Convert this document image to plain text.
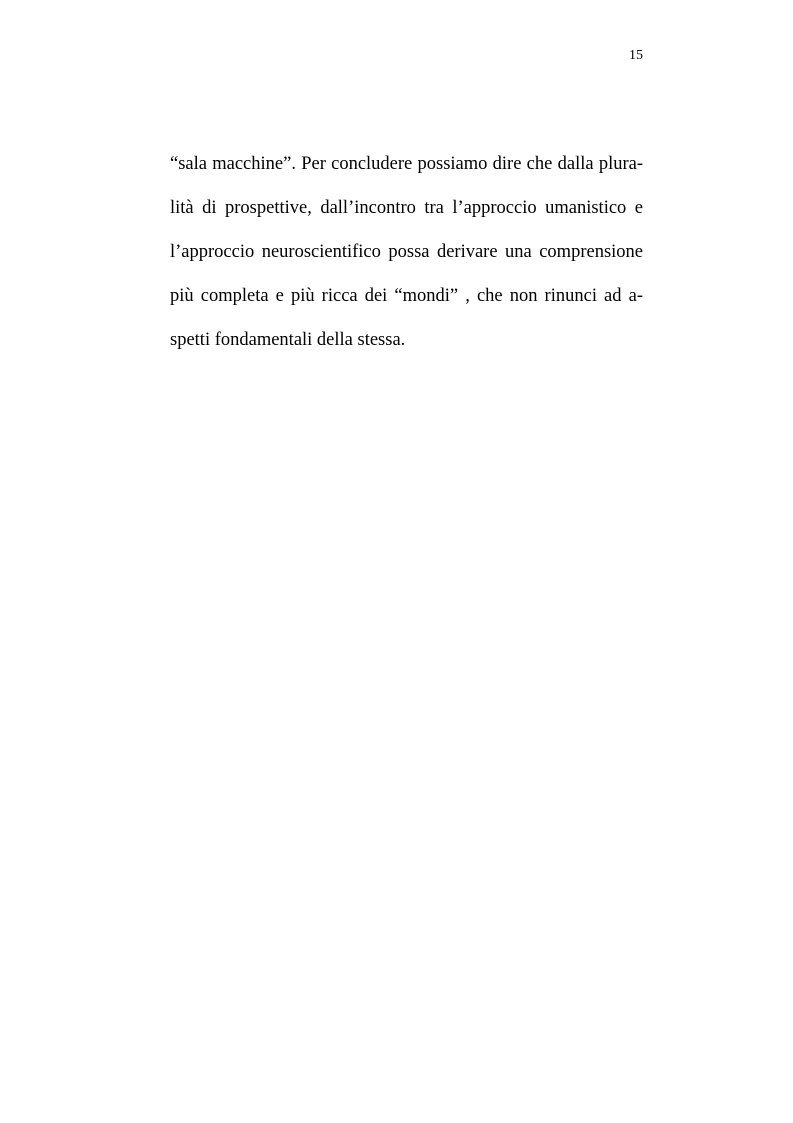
15
“sala macchine”. Per concludere possiamo dire che dalla plura-
lità di prospettive, dall’incontro tra l’approccio umanistico e
l’approccio neuroscientifico possa derivare una comprensione
più completa e più ricca dei “mondi” , che non rinunci ad a-
spetti fondamentali della stessa.
